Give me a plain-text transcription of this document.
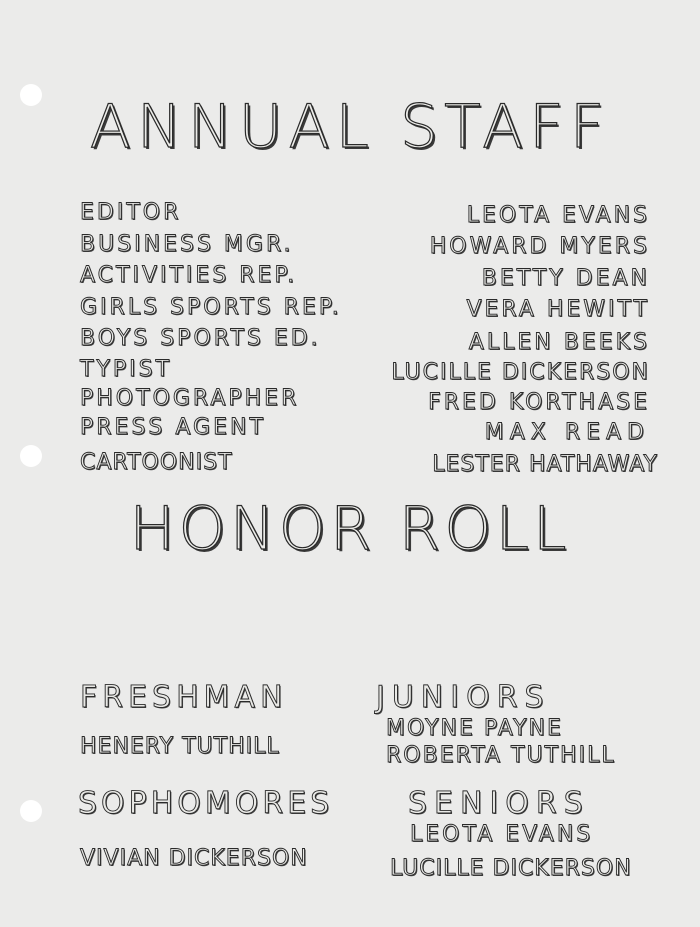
ANNUAL STAFF
EDITOR	LEOTA EVANS
BUSINESS MGR.	HOWARD MYERS
ACTIVITIES REP.	BETTY DEAN
GIRLS SPORTS REP.	VERA HEWITT
BOYS SPORTS ED.	ALLEN BEEKS
TYPIST	LUCILLE DICKERSON
PHOTOGRAPHER	FRED KORTHASE
PRESS AGENT	MAX READ
CARTOONIST	LESTER HATHAWAY
HONOR ROLL
FRESHMAN
HENERY TUTHILL
JUNIORS
MOYNE PAYNE
ROBERTA TUTHILL
SOPHOMORES
VIVIAN DICKERSON
SENIORS
LEOTA EVANS
LUCILLE DICKERSON
